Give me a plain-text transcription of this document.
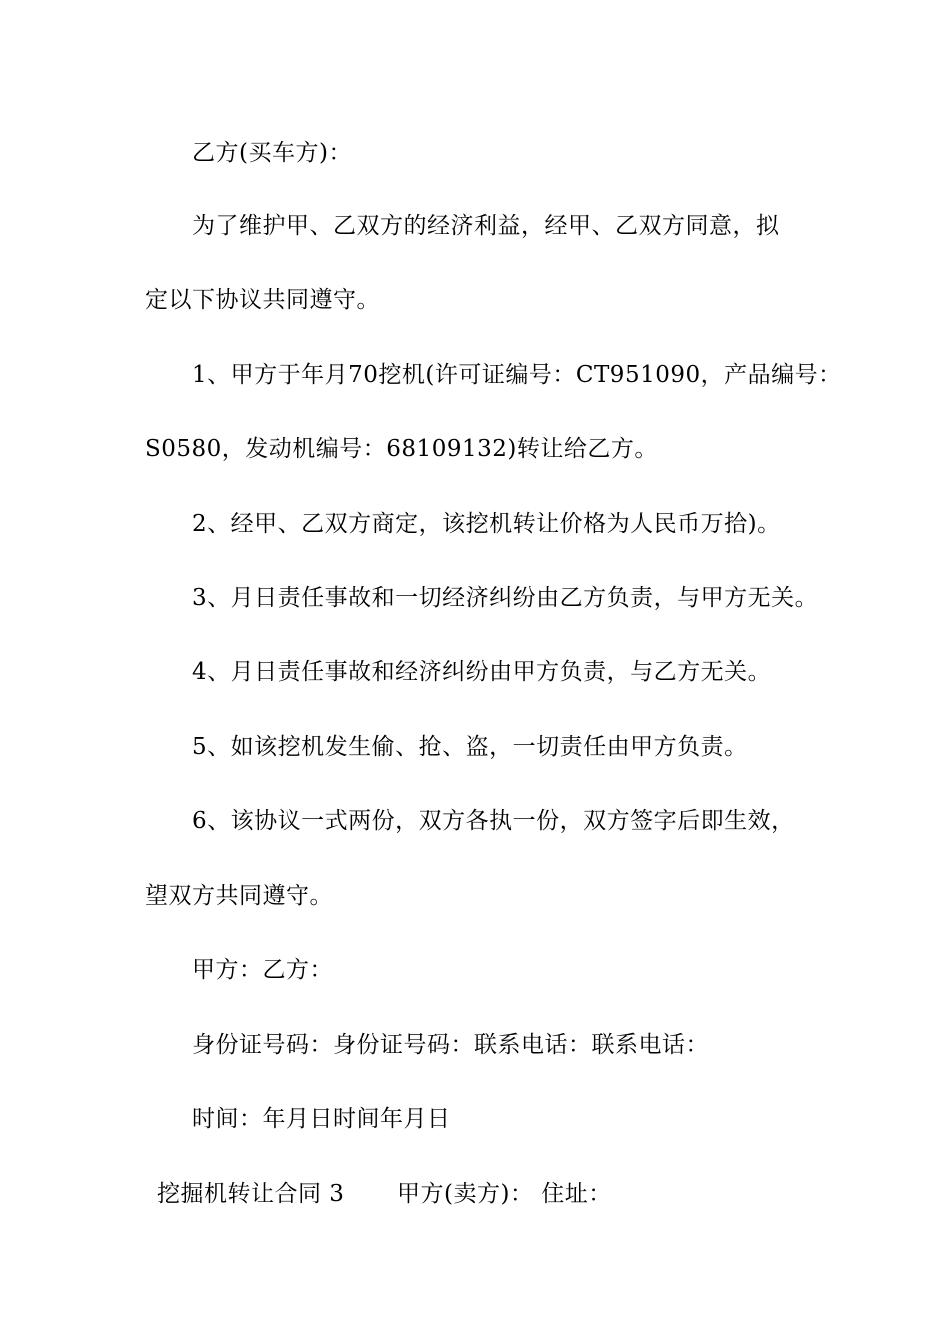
乙方(买车方)：
为了维护甲、乙双方的经济利益，经甲、乙双方同意，拟
定以下协议共同遵守。
1、甲方于年月70挖机(许可证编号：CT951090，产品编号：
S0580，发动机编号：68109132)转让给乙方。
2、经甲、乙双方商定，该挖机转让价格为人民币万拾)。
3、月日责任事故和一切经济纠纷由乙方负责，与甲方无关。
4、月日责任事故和经济纠纷由甲方负责，与乙方无关。
5、如该挖机发生偷、抢、盗，一切责任由甲方负责。
6、该协议一式两份，双方各执一份，双方签字后即生效，
望双方共同遵守。
甲方：乙方：
身份证号码：身份证号码：联系电话：联系电话：
时间：年月日时间年月日
挖掘机转让合同 3 甲方(卖方)： 住址：
